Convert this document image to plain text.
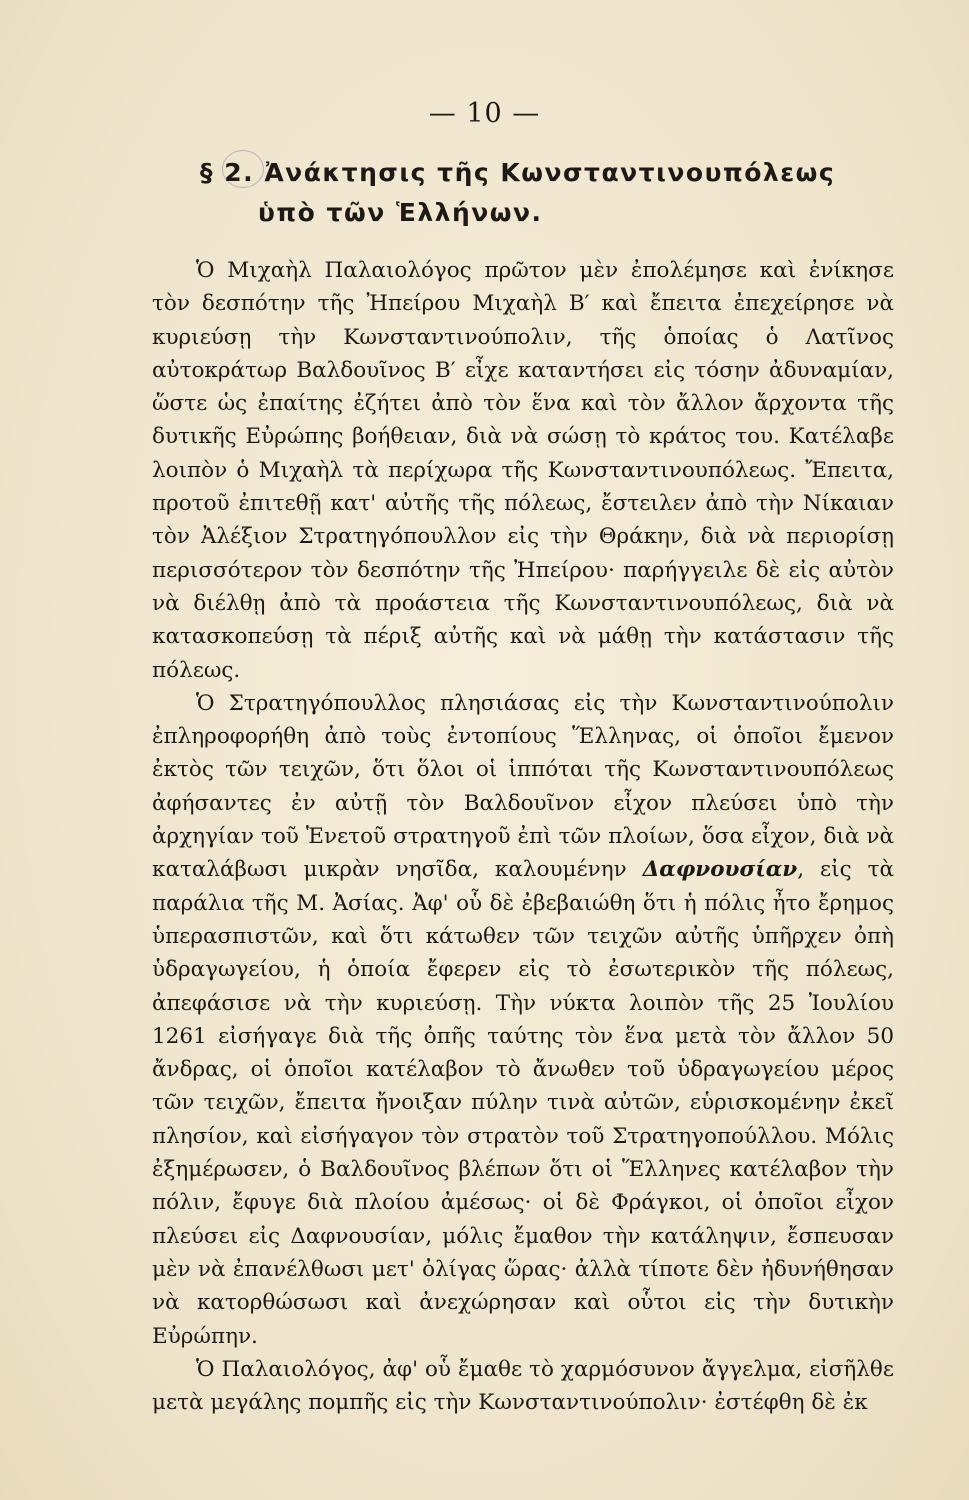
— 10 —
§ 2. Ἀνάκτησις τῆς Κωνσταντινουπόλεως
ὑπὸ τῶν Ἑλλήνων.

Ὁ Μιχαὴλ Παλαιολόγος πρῶτον μὲν ἐπολέμησε καὶ ἐνίκησε τὸν δεσπότην τῆς Ἠπείρου Μιχαὴλ Β′ καὶ ἔπειτα ἐπεχείρησε νὰ κυριεύσῃ τὴν Κωνσταντινούπολιν, τῆς ὁποίας ὁ Λατῖνος αὐτοκράτωρ Βαλδουῖνος Β′ εἶχε καταντήσει εἰς τόσην ἀδυναμίαν, ὥστε ὡς ἐπαίτης ἐζήτει ἀπὸ τὸν ἕνα καὶ τὸν ἄλλον ἄρχοντα τῆς δυτικῆς Εὐρώπης βοήθειαν, διὰ νὰ σώσῃ τὸ κράτος του. Κατέλαβε λοιπὸν ὁ Μιχαὴλ τὰ περίχωρα τῆς Κωνσταντινουπόλεως. Ἔπειτα, προτοῦ ἐπιτεθῇ κατ' αὐτῆς τῆς πόλεως, ἔστειλεν ἀπὸ τὴν Νίκαιαν τὸν Ἀλέξιον Στρατηγόπουλλον εἰς τὴν Θράκην, διὰ νὰ περιορίσῃ περισσότερον τὸν δεσπότην τῆς Ἠπείρου· παρήγγειλε δὲ εἰς αὐτὸν νὰ διέλθῃ ἀπὸ τὰ προάστεια τῆς Κωνσταντινουπόλεως, διὰ νὰ κατασκοπεύσῃ τὰ πέριξ αὐτῆς καὶ νὰ μάθῃ τὴν κατάστασιν τῆς πόλεως.

Ὁ Στρατηγόπουλλος πλησιάσας εἰς τὴν Κωνσταντινούπολιν ἐπληροφορήθη ἀπὸ τοὺς ἐντοπίους Ἕλληνας, οἱ ὁποῖοι ἔμενον ἐκτὸς τῶν τειχῶν, ὅτι ὅλοι οἱ ἱππόται τῆς Κωνσταντινουπόλεως ἀφήσαντες ἐν αὐτῇ τὸν Βαλδουῖνον εἶχον πλεύσει ὑπὸ τὴν ἀρχηγίαν τοῦ Ἑνετοῦ στρατηγοῦ ἐπὶ τῶν πλοίων, ὅσα εἶχον, διὰ νὰ καταλάβωσι μικρὰν νησῖδα, καλουμένην Δαφνουσίαν, εἰς τὰ παράλια τῆς Μ. Ἀσίας. Ἀφ' οὗ δὲ ἐβεβαιώθη ὅτι ἡ πόλις ἦτο ἔρημος ὑπερασπιστῶν, καὶ ὅτι κάτωθεν τῶν τειχῶν αὐτῆς ὑπῆρχεν ὀπὴ ὑδραγωγείου, ἡ ὁποία ἔφερεν εἰς τὸ ἐσωτερικὸν τῆς πόλεως, ἀπεφάσισε νὰ τὴν κυριεύσῃ. Τὴν νύκτα λοιπὸν τῆς 25 Ἰουλίου 1261 εἰσήγαγε διὰ τῆς ὀπῆς ταύτης τὸν ἕνα μετὰ τὸν ἄλλον 50 ἄνδρας, οἱ ὁποῖοι κατέλαβον τὸ ἄνωθεν τοῦ ὑδραγωγείου μέρος τῶν τειχῶν, ἔπειτα ἤνοιξαν πύλην τινὰ αὐτῶν, εὑρισκομένην ἐκεῖ πλησίον, καὶ εἰσήγαγον τὸν στρατὸν τοῦ Στρατηγοπούλλου. Μόλις ἐξημέρωσεν, ὁ Βαλδουῖνος βλέπων ὅτι οἱ Ἕλληνες κατέλαβον τὴν πόλιν, ἔφυγε διὰ πλοίου ἀμέσως· οἱ δὲ Φράγκοι, οἱ ὁποῖοι εἶχον πλεύσει εἰς Δαφνουσίαν, μόλις ἔμαθον τὴν κατάληψιν, ἔσπευσαν μὲν νὰ ἐπανέλθωσι μετ' ὀλίγας ὥρας· ἀλλὰ τίποτε δὲν ἠδυνήθησαν νὰ κατορθώσωσι καὶ ἀνεχώρησαν καὶ οὗτοι εἰς τὴν δυτικὴν Εὐρώπην.

Ὁ Παλαιολόγος, ἀφ' οὗ ἔμαθε τὸ χαρμόσυνον ἄγγελμα, εἰσῆλθε μετὰ μεγάλης πομπῆς εἰς τὴν Κωνσταντινούπολιν· ἐστέφθη δὲ ἐκ
